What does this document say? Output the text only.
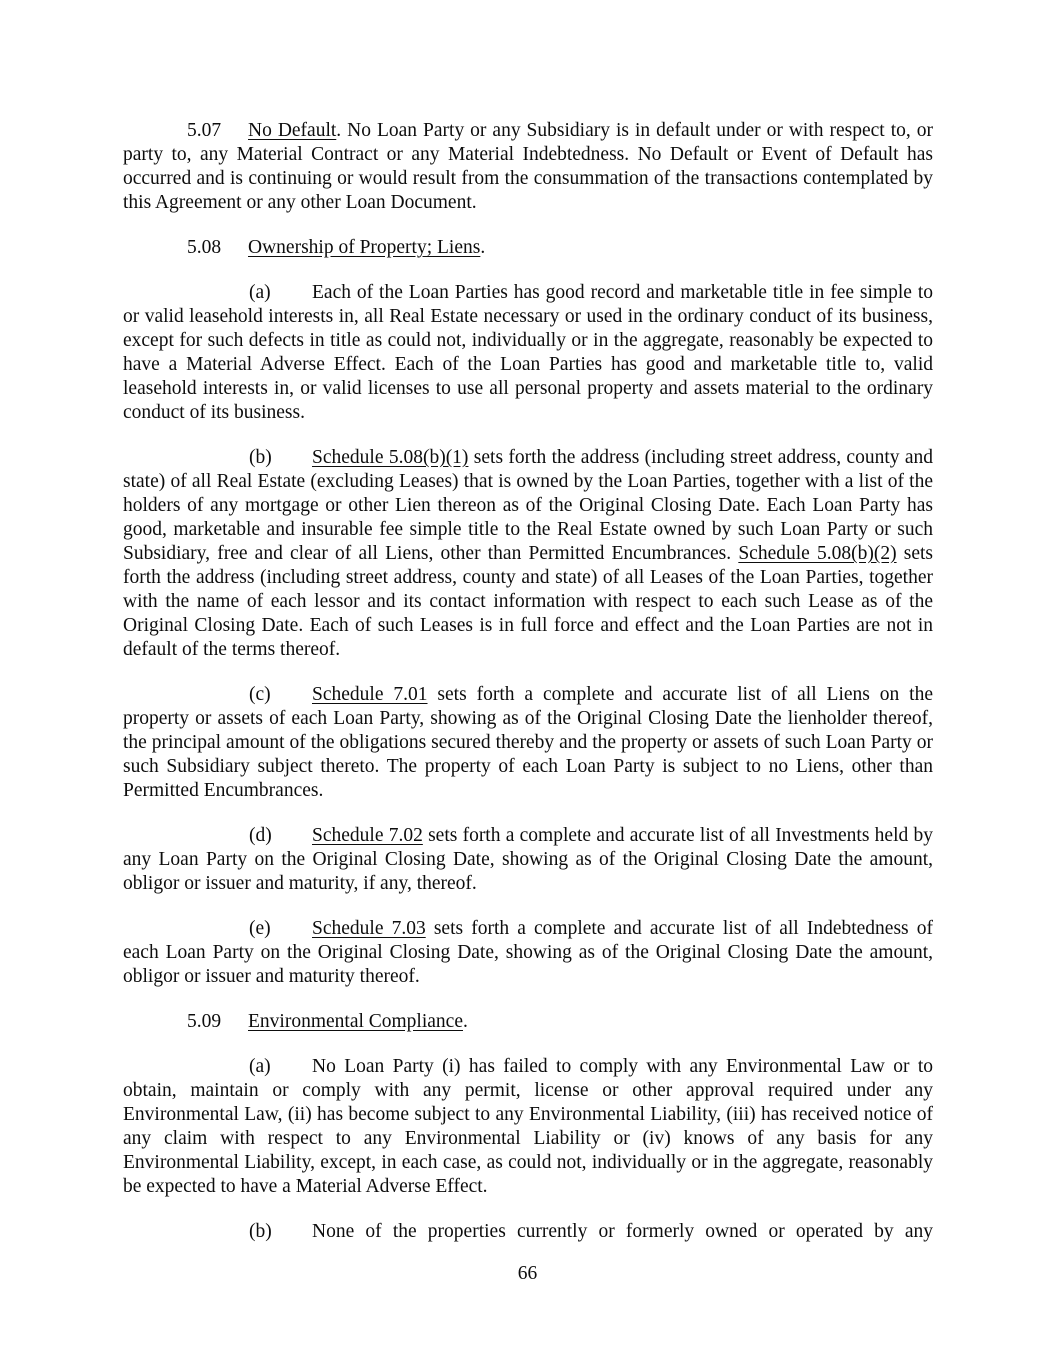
5.07 No Default. No Loan Party or any Subsidiary is in default under or with respect to, or party to, any Material Contract or any Material Indebtedness. No Default or Event of Default has occurred and is continuing or would result from the consummation of the transactions contemplated by this Agreement or any other Loan Document.

5.08 Ownership of Property; Liens.

(a) Each of the Loan Parties has good record and marketable title in fee simple to or valid leasehold interests in, all Real Estate necessary or used in the ordinary conduct of its business, except for such defects in title as could not, individually or in the aggregate, reasonably be expected to have a Material Adverse Effect. Each of the Loan Parties has good and marketable title to, valid leasehold interests in, or valid licenses to use all personal property and assets material to the ordinary conduct of its business.

(b) Schedule 5.08(b)(1) sets forth the address (including street address, county and state) of all Real Estate (excluding Leases) that is owned by the Loan Parties, together with a list of the holders of any mortgage or other Lien thereon as of the Original Closing Date. Each Loan Party has good, marketable and insurable fee simple title to the Real Estate owned by such Loan Party or such Subsidiary, free and clear of all Liens, other than Permitted Encumbrances. Schedule 5.08(b)(2) sets forth the address (including street address, county and state) of all Leases of the Loan Parties, together with the name of each lessor and its contact information with respect to each such Lease as of the Original Closing Date. Each of such Leases is in full force and effect and the Loan Parties are not in default of the terms thereof.

(c) Schedule 7.01 sets forth a complete and accurate list of all Liens on the property or assets of each Loan Party, showing as of the Original Closing Date the lienholder thereof, the principal amount of the obligations secured thereby and the property or assets of such Loan Party or such Subsidiary subject thereto. The property of each Loan Party is subject to no Liens, other than Permitted Encumbrances.

(d) Schedule 7.02 sets forth a complete and accurate list of all Investments held by any Loan Party on the Original Closing Date, showing as of the Original Closing Date the amount, obligor or issuer and maturity, if any, thereof.

(e) Schedule 7.03 sets forth a complete and accurate list of all Indebtedness of each Loan Party on the Original Closing Date, showing as of the Original Closing Date the amount, obligor or issuer and maturity thereof.

5.09 Environmental Compliance.

(a) No Loan Party (i) has failed to comply with any Environmental Law or to obtain, maintain or comply with any permit, license or other approval required under any Environmental Law, (ii) has become subject to any Environmental Liability, (iii) has received notice of any claim with respect to any Environmental Liability or (iv) knows of any basis for any Environmental Liability, except, in each case, as could not, individually or in the aggregate, reasonably be expected to have a Material Adverse Effect.

(b) None of the properties currently or formerly owned or operated by any

66
